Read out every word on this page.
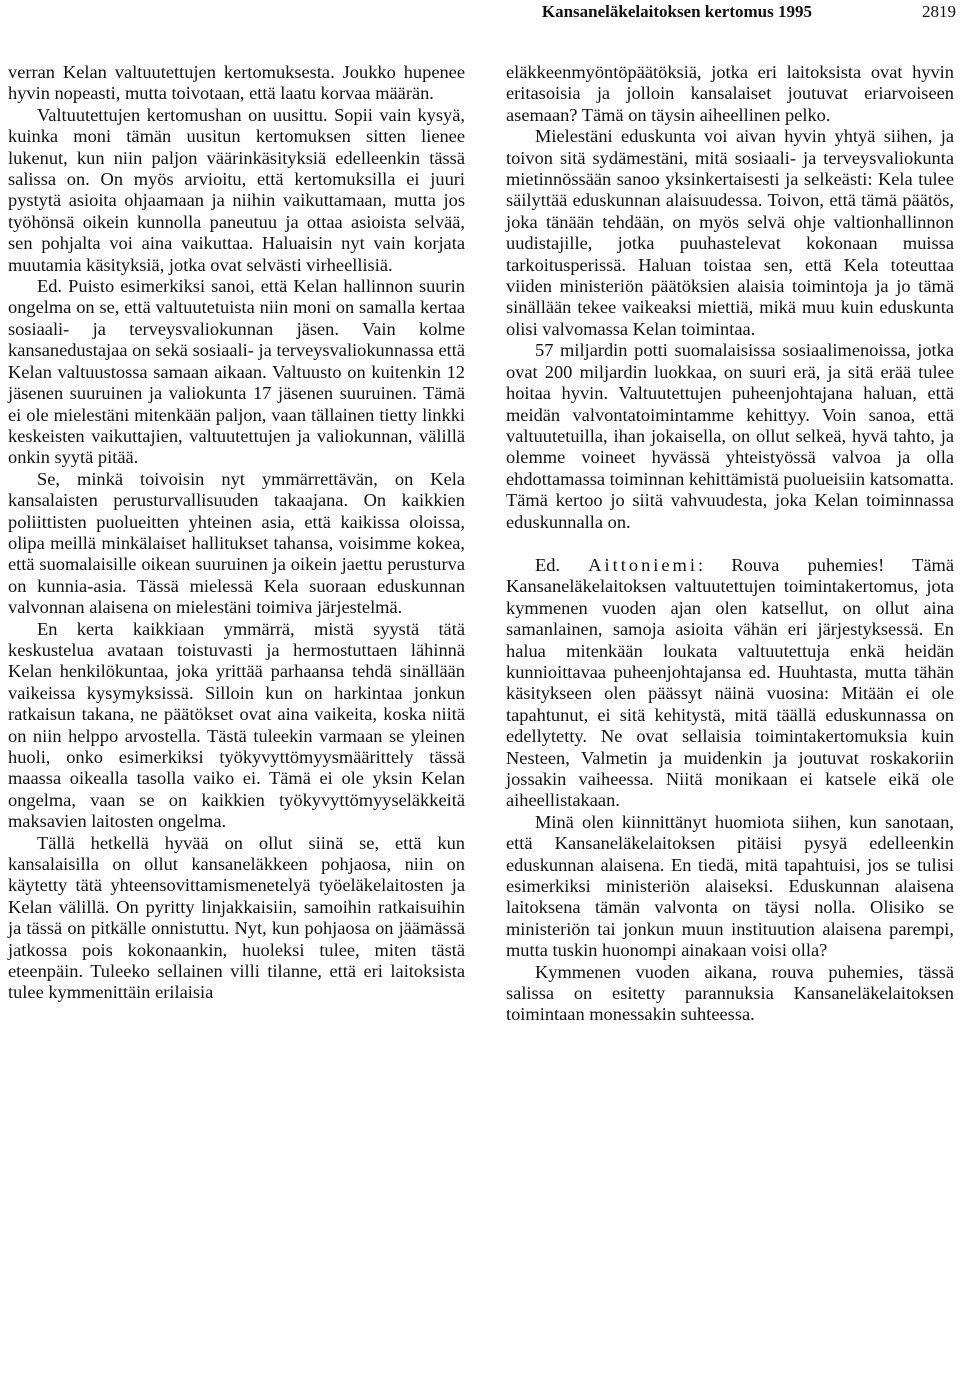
Kansaneläkelaitoksen kertomus 1995	2819

verran Kelan valtuutettujen kertomuksesta. Joukko hupenee hyvin nopeasti, mutta toivotaan, että laatu korvaa määrän.

Valtuutettujen kertomushan on uusittu. Sopii vain kysyä, kuinka moni tämän uusitun kertomuksen sitten lienee lukenut, kun niin paljon väärinkäsityksiä edelleenkin tässä salissa on. On myös arvioitu, että kertomuksilla ei juuri pystytä asioita ohjaamaan ja niihin vaikuttamaan, mutta jos työhönsä oikein kunnolla paneutuu ja ottaa asioista selvää, sen pohjalta voi aina vaikuttaa. Haluaisin nyt vain korjata muutamia käsityksiä, jotka ovat selvästi virheellisiä.

Ed. Puisto esimerkiksi sanoi, että Kelan hallinnon suurin ongelma on se, että valtuutetuista niin moni on samalla kertaa sosiaali- ja terveysvaliokunnan jäsen. Vain kolme kansanedustajaa on sekä sosiaali- ja terveysvaliokunnassa että Kelan valtuustossa samaan aikaan. Valtuusto on kuitenkin 12 jäsenen suuruinen ja valiokunta 17 jäsenen suuruinen. Tämä ei ole mielestäni mitenkään paljon, vaan tällainen tietty linkki keskeisten vaikuttajien, valtuutettujen ja valiokunnan, välillä onkin syytä pitää.

Se, minkä toivoisin nyt ymmärrettävän, on Kela kansalaisten perusturvallisuuden takaajana. On kaikkien poliittisten puolueitten yhteinen asia, että kaikissa oloissa, olipa meillä minkälaiset hallitukset tahansa, voisimme kokea, että suomalaisille oikean suuruinen ja oikein jaettu perusturva on kunnia-asia. Tässä mielessä Kela suoraan eduskunnan valvonnan alaisena on mielestäni toimiva järjestelmä.

En kerta kaikkiaan ymmärrä, mistä syystä tätä keskustelua avataan toistuvasti ja hermostuttaen lähinnä Kelan henkilökuntaa, joka yrittää parhaansa tehdä sinällään vaikeissa kysymyksissä. Silloin kun on harkintaa jonkun ratkaisun takana, ne päätökset ovat aina vaikeita, koska niitä on niin helppo arvostella. Tästä tuleekin varmaan se yleinen huoli, onko esimerkiksi työkyvyttömyysmäärittely tässä maassa oikealla tasolla vaiko ei. Tämä ei ole yksin Kelan ongelma, vaan se on kaikkien työkyvyttömyyseläkkeitä maksavien laitosten ongelma.

Tällä hetkellä hyvää on ollut siinä se, että kun kansalaisilla on ollut kansaneläkkeen pohjaosa, niin on käytetty tätä yhteensovittamismenetelyä työeläkelaitosten ja Kelan välillä. On pyritty linjakkaisiin, samoihin ratkaisuihin ja tässä on pitkälle onnistuttu. Nyt, kun pohjaosa on jäämässä jatkossa pois kokonaankin, huoleksi tulee, miten tästä eteenpäin. Tuleeko sellainen villi tilanne, että eri laitoksista tulee kymmenittäin erilaisia

eläkkeenmyöntöpäätöksiä, jotka eri laitoksista ovat hyvin eritasoisia ja jolloin kansalaiset joutuvat eriarvoiseen asemaan? Tämä on täysin aiheellinen pelko.

Mielestäni eduskunta voi aivan hyvin yhtyä siihen, ja toivon sitä sydämestäni, mitä sosiaali- ja terveysvaliokunta mietinnössään sanoo yksinkertaisesti ja selkeästi: Kela tulee säilyttää eduskunnan alaisuudessa. Toivon, että tämä päätös, joka tänään tehdään, on myös selvä ohje valtionhallinnon uudistajille, jotka puuhastelevat kokonaan muissa tarkoitusperissä. Haluan toistaa sen, että Kela toteuttaa viiden ministeriön päätöksien alaisia toimintoja ja jo tämä sinällään tekee vaikeaksi miettiä, mikä muu kuin eduskunta olisi valvomassa Kelan toimintaa.

57 miljardin potti suomalaisissa sosiaalimenoissa, jotka ovat 200 miljardin luokkaa, on suuri erä, ja sitä erää tulee hoitaa hyvin. Valtuutettujen puheenjohtajana haluan, että meidän valvontatoimintamme kehittyy. Voin sanoa, että valtuutetuilla, ihan jokaisella, on ollut selkeä, hyvä tahto, ja olemme voineet hyvässä yhteistyössä valvoa ja olla ehdottamassa toiminnan kehittämistä puolueisiin katsomatta. Tämä kertoo jo siitä vahvuudesta, joka Kelan toiminnassa eduskunnalla on.

Ed. Aittoniemi: Rouva puhemies! Tämä Kansaneläkelaitoksen valtuutettujen toimintakertomus, jota kymmenen vuoden ajan olen katsellut, on ollut aina samanlainen, samoja asioita vähän eri järjestyksessä. En halua mitenkään loukata valtuutettuja enkä heidän kunnioittavaa puheenjohtajansa ed. Huuhtasta, mutta tähän käsitykseen olen päässyt näinä vuosina: Mitään ei ole tapahtunut, ei sitä kehitystä, mitä täällä eduskunnassa on edellytetty. Ne ovat sellaisia toimintakertomuksia kuin Nesteen, Valmetin ja muidenkin ja joutuvat roskakoriin jossakin vaiheessa. Niitä monikaan ei katsele eikä ole aiheellistakaan.

Minä olen kiinnittänyt huomiota siihen, kun sanotaan, että Kansaneläkelaitoksen pitäisi pysyä edelleenkin eduskunnan alaisena. En tiedä, mitä tapahtuisi, jos se tulisi esimerkiksi ministeriön alaiseksi. Eduskunnan alaisena laitoksena tämän valvonta on täysi nolla. Olisiko se ministeriön tai jonkun muun instituution alaisena parempi, mutta tuskin huonompi ainakaan voisi olla?

Kymmenen vuoden aikana, rouva puhemies, tässä salissa on esitetty parannuksia Kansaneläkelaitoksen toimintaan monessakin suhteessa.
